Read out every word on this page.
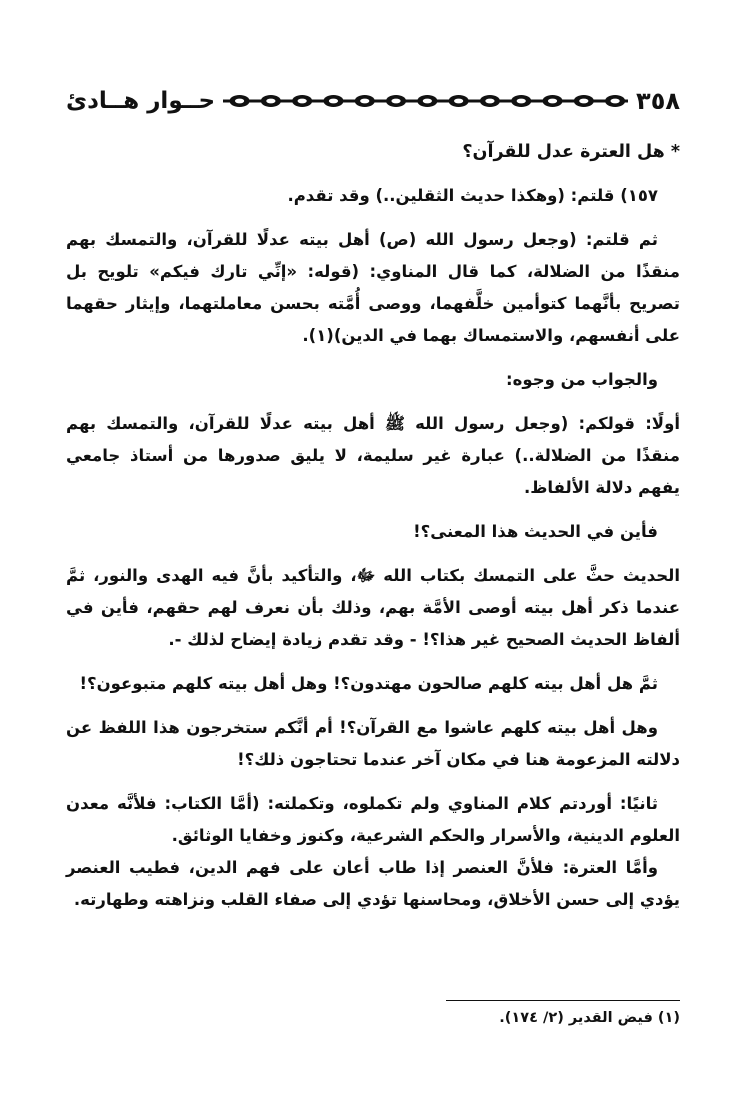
٣٥٨
حــوار هــادئ

* هل العترة عدل للقرآن؟

١٥٧) قلتم: (وهكذا حديث الثقلين..) وقد تقدم.

ثم قلتم: (وجعل رسول الله (ص) أهل بيته عدلًا للقرآن، والتمسك بهم منقذًا من الضلالة، كما قال المناوي: (قوله: «إنِّي تارك فيكم» تلويح بل تصريح بأنَّهما كتوأمين خلَّفهما، ووصى أُمَّته بحسن معاملتهما، وإيثار حقهما على أنفسهم، والاستمساك بهما في الدين)(١).

والجواب من وجوه:

أولًا: قولكم: (وجعل رسول الله ﷺ أهل بيته عدلًا للقرآن، والتمسك بهم منقذًا من الضلالة..) عبارة غير سليمة، لا يليق صدورها من أستاذ جامعي يفهم دلالة الألفاظ.

فأين في الحديث هذا المعنى؟!

الحديث حثَّ على التمسك بكتاب الله ﷻ، والتأكيد بأنَّ فيه الهدى والنور، ثمَّ عندما ذكر أهل بيته أوصى الأمَّة بهم، وذلك بأن نعرف لهم حقهم، فأين في ألفاظ الحديث الصحيح غير هذا؟! - وقد تقدم زيادة إيضاح لذلك -.

ثمَّ هل أهل بيته كلهم صالحون مهتدون؟! وهل أهل بيته كلهم متبوعون؟!

وهل أهل بيته كلهم عاشوا مع القرآن؟! أم أنَّكم ستخرجون هذا اللفظ عن دلالته المزعومة هنا في مكان آخر عندما تحتاجون ذلك؟!

ثانيًا: أوردتم كلام المناوي ولم تكملوه، وتكملته: (أمَّا الكتاب: فلأنَّه معدن العلوم الدينية، والأسرار والحكم الشرعية، وكنوز وخفايا الوثائق.

وأمَّا العترة: فلأنَّ العنصر إذا طاب أعان على فهم الدين، فطيب العنصر يؤدي إلى حسن الأخلاق، ومحاسنها تؤدي إلى صفاء القلب ونزاهته وطهارته.

(١) فيض القدير (٢/ ١٧٤).
